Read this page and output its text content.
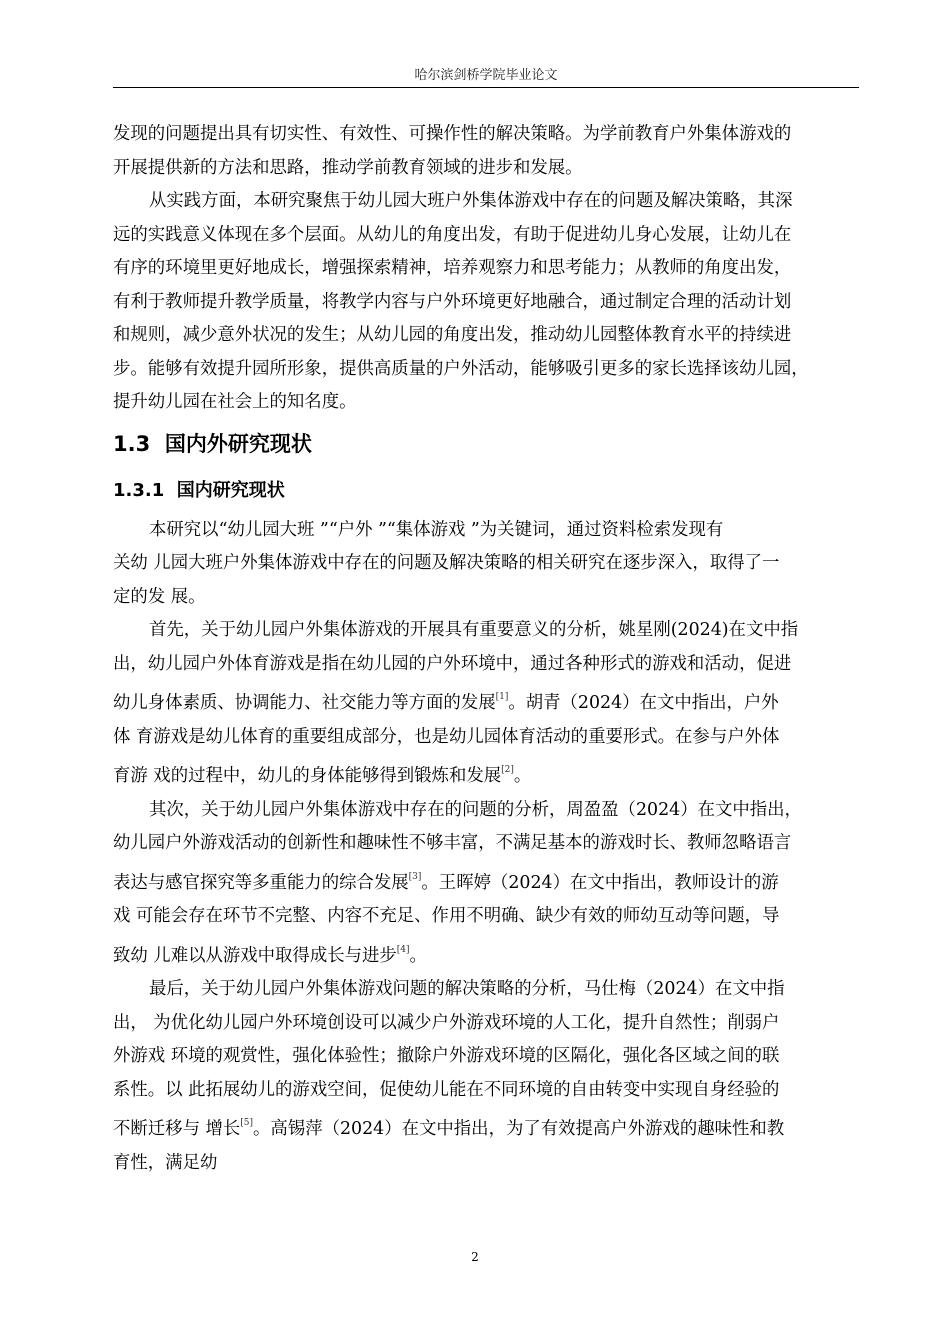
哈尔滨剑桥学院毕业论文

发现的问题提出具有切实性、有效性、可操作性的解决策略。为学前教育户外集体游戏的
开展提供新的方法和思路，推动学前教育领域的进步和发展。

从实践方面，本研究聚焦于幼儿园大班户外集体游戏中存在的问题及解决策略，其深
远的实践意义体现在多个层面。从幼儿的角度出发，有助于促进幼儿身心发展，让幼儿在
有序的环境里更好地成长，增强探索精神，培养观察力和思考能力；从教师的角度出发，
有利于教师提升教学质量，将教学内容与户外环境更好地融合，通过制定合理的活动计划
和规则，减少意外状况的发生；从幼儿园的角度出发，推动幼儿园整体教育水平的持续进
步。能够有效提升园所形象，提供高质量的户外活动，能够吸引更多的家长选择该幼儿园，
提升幼儿园在社会上的知名度。

1.3 国内外研究现状
1.3.1 国内研究现状

本研究以“幼儿园大班 ”“户外 ”“集体游戏 ”为关键词，通过资料检索发现有
关幼 儿园大班户外集体游戏中存在的问题及解决策略的相关研究在逐步深入，取得了一
定的发 展。

首先，关于幼儿园户外集体游戏的开展具有重要意义的分析，姚星刚(2024)在文中指
出，幼儿园户外体育游戏是指在幼儿园的户外环境中，通过各种形式的游戏和活动，促进
幼儿身体素质、协调能力、社交能力等方面的发展[1]。胡青（2024）在文中指出，户外
体 育游戏是幼儿体育的重要组成部分，也是幼儿园体育活动的重要形式。在参与户外体
育游 戏的过程中，幼儿的身体能够得到锻炼和发展[2]。

其次，关于幼儿园户外集体游戏中存在的问题的分析，周盈盈（2024）在文中指出，
幼儿园户外游戏活动的创新性和趣味性不够丰富，不满足基本的游戏时长、教师忽略语言
表达与感官探究等多重能力的综合发展[3]。王晖婷（2024）在文中指出，教师设计的游
戏 可能会存在环节不完整、内容不充足、作用不明确、缺少有效的师幼互动等问题，导
致幼 儿难以从游戏中取得成长与进步[4]。

最后，关于幼儿园户外集体游戏问题的解决策略的分析，马仕梅（2024）在文中指
出， 为优化幼儿园户外环境创设可以减少户外游戏环境的人工化，提升自然性；削弱户
外游戏 环境的观赏性，强化体验性；撤除户外游戏环境的区隔化，强化各区域之间的联
系性。以 此拓展幼儿的游戏空间，促使幼儿能在不同环境的自由转变中实现自身经验的
不断迁移与 增长[5]。高锡萍（2024）在文中指出，为了有效提高户外游戏的趣味性和教
育性，满足幼

2
